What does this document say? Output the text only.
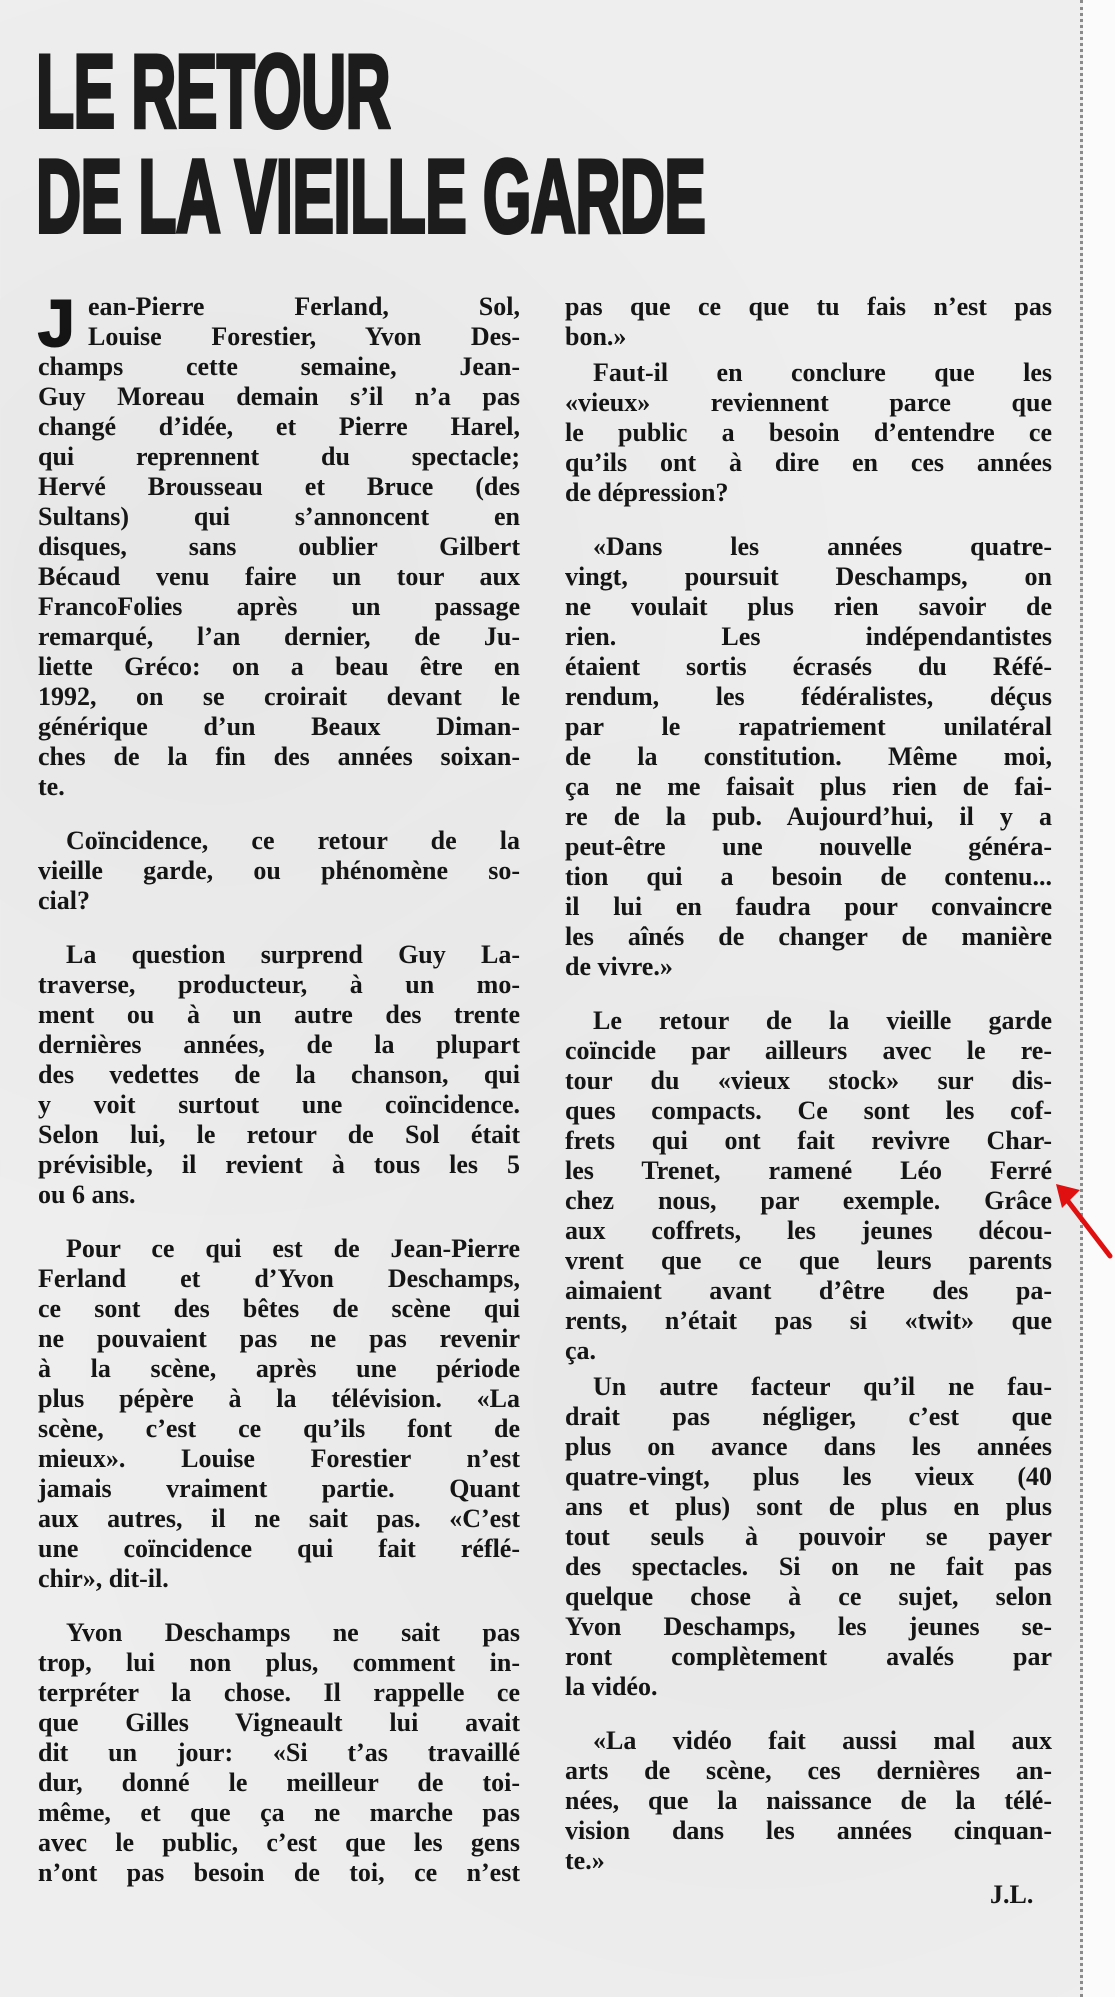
LE RETOUR
DE LA VIEILLE GARDE
J ean-Pierre Ferland, Sol,
Louise Forestier, Yvon Des-
champs cette semaine, Jean-
Guy Moreau demain s’il n’a pas
changé d’idée, et Pierre Harel,
qui reprennent du spectacle;
Hervé Brousseau et Bruce (des
Sultans) qui s’annoncent en
disques, sans oublier Gilbert
Bécaud venu faire un tour aux
FrancoFolies après un passage
remarqué, l’an dernier, de Ju-
liette Gréco: on a beau être en
1992, on se croirait devant le
générique d’un Beaux Diman-
ches de la fin des années soixan-
te.
Coïncidence, ce retour de la
vieille garde, ou phénomène so-
cial?
La question surprend Guy La-
traverse, producteur, à un mo-
ment ou à un autre des trente
dernières années, de la plupart
des vedettes de la chanson, qui
y voit surtout une coïncidence.
Selon lui, le retour de Sol était
prévisible, il revient à tous les 5
ou 6 ans.
Pour ce qui est de Jean-Pierre
Ferland et d’Yvon Deschamps,
ce sont des bêtes de scène qui
ne pouvaient pas ne pas revenir
à la scène, après une période
plus pépère à la télévision. «La
scène, c’est ce qu’ils font de
mieux». Louise Forestier n’est
jamais vraiment partie. Quant
aux autres, il ne sait pas. «C’est
une coïncidence qui fait réflé-
chir», dit-il.
Yvon Deschamps ne sait pas
trop, lui non plus, comment in-
terpréter la chose. Il rappelle ce
que Gilles Vigneault lui avait
dit un jour: «Si t’as travaillé
dur, donné le meilleur de toi-
même, et que ça ne marche pas
avec le public, c’est que les gens
n’ont pas besoin de toi, ce n’est
pas que ce que tu fais n’est pas
bon.»
Faut-il en conclure que les
«vieux» reviennent parce que
le public a besoin d’entendre ce
qu’ils ont à dire en ces années
de dépression?
«Dans les années quatre-
vingt, poursuit Deschamps, on
ne voulait plus rien savoir de
rien. Les indépendantistes
étaient sortis écrasés du Réfé-
rendum, les fédéralistes, déçus
par le rapatriement unilatéral
de la constitution. Même moi,
ça ne me faisait plus rien de fai-
re de la pub. Aujourd’hui, il y a
peut-être une nouvelle généra-
tion qui a besoin de contenu...
il lui en faudra pour convaincre
les aînés de changer de manière
de vivre.»
Le retour de la vieille garde
coïncide par ailleurs avec le re-
tour du «vieux stock» sur dis-
ques compacts. Ce sont les cof-
frets qui ont fait revivre Char-
les Trenet, ramené Léo Ferré
chez nous, par exemple. Grâce
aux coffrets, les jeunes décou-
vrent que ce que leurs parents
aimaient avant d’être des pa-
rents, n’était pas si «twit» que
ça.
Un autre facteur qu’il ne fau-
drait pas négliger, c’est que
plus on avance dans les années
quatre-vingt, plus les vieux (40
ans et plus) sont de plus en plus
tout seuls à pouvoir se payer
des spectacles. Si on ne fait pas
quelque chose à ce sujet, selon
Yvon Deschamps, les jeunes se-
ront complètement avalés par
la vidéo.
«La vidéo fait aussi mal aux
arts de scène, ces dernières an-
nées, que la naissance de la télé-
vision dans les années cinquan-
te.»
J.L.
